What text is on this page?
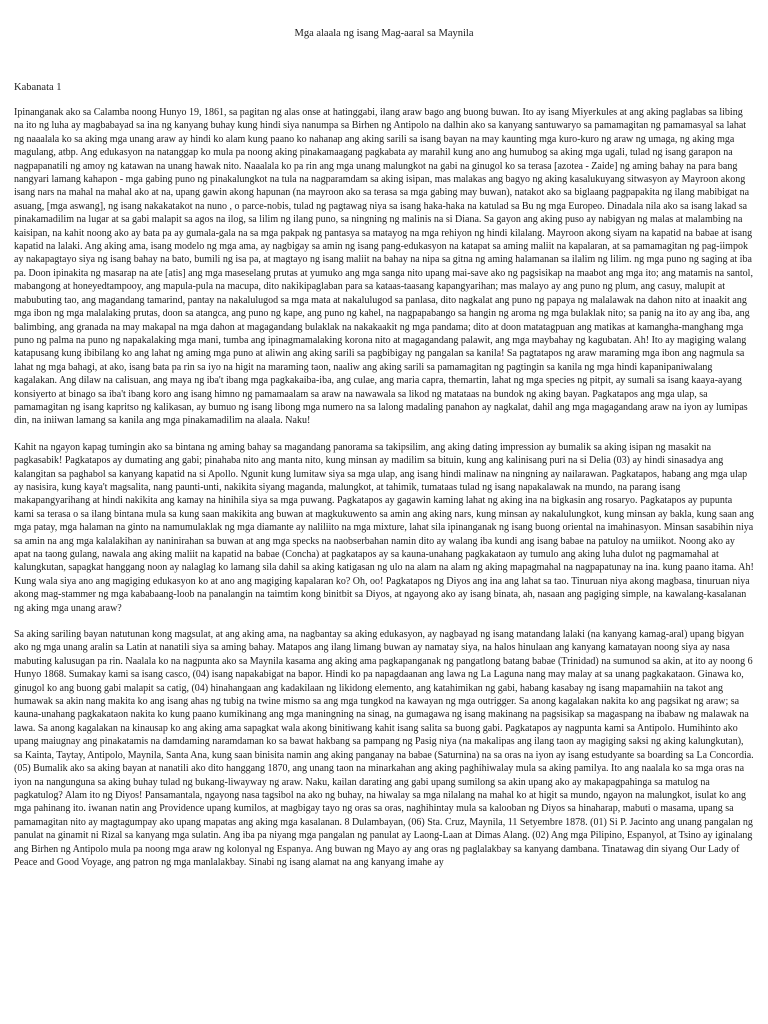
Mga alaala ng isang Mag-aaral sa Maynila
Kabanata 1

Ipinanganak ako sa Calamba noong Hunyo 19, 1861, sa pagitan ng alas onse at hatinggabi, ilang araw bago ang buong buwan. Ito ay isang Miyerkules at ang aking paglabas sa libing na ito ng luha ay magbabayad sa ina ng kanyang buhay kung hindi siya nanumpa sa Birhen ng Antipolo na dalhin ako sa kanyang santuwaryo sa pamamagitan ng pamamasyal sa lahat ng naaalala ko sa aking mga unang araw ay hindi ko alam kung paano ko nahanap ang aking sarili sa isang bayan na may kaunting mga kuro-kuro ng araw ng umaga, ng aking mga magulang, atbp. Ang edukasyon na natanggap ko mula pa noong aking pinakamaagang pagkabata ay marahil kung ano ang humubog sa aking mga ugali, tulad ng isang garapon na nagpapanatili ng amoy ng katawan na unang hawak nito. Naaalala ko pa rin ang mga unang malungkot na gabi na ginugol ko sa terasa [azotea - Zaide] ng aming bahay na para bang nangyari lamang kahapon - mga gabing puno ng pinakalungkot na tula na nagparamdam sa aking isipan, mas malakas ang bagyo ng aking kasalukuyang sitwasyon ay Mayroon akong isang nars na mahal na mahal ako at na, upang gawin akong hapunan (na mayroon ako sa terasa sa mga gabing may buwan), natakot ako sa biglaang pagpapakita ng ilang mabibigat na asuang, [mga aswang], ng isang nakakatakot na nuno , o parce-nobis, tulad ng pagtawag niya sa isang haka-haka na katulad sa Bu ng mga Europeo. Dinadala nila ako sa isang lakad sa pinakamadilim na lugar at sa gabi malapit sa agos na ilog, sa lilim ng ilang puno, sa ningning ng malinis na si Diana. Sa gayon ang aking puso ay nabigyan ng malas at malambing na kaisipan, na kahit noong ako ay bata pa ay gumala-gala na sa mga pakpak ng pantasya sa matayog na mga rehiyon ng hindi kilalang. Mayroon akong siyam na kapatid na babae at isang kapatid na lalaki. Ang aking ama, isang modelo ng mga ama, ay nagbigay sa amin ng isang pang-edukasyon na katapat sa aming maliit na kapalaran, at sa pamamagitan ng pag-iimpok ay nakapagtayo siya ng isang bahay na bato, bumili ng isa pa, at magtayo ng isang maliit na bahay na nipa sa gitna ng aming halamanan sa ilalim ng lilim. ng mga puno ng saging at iba pa. Doon ipinakita ng masarap na ate [atis] ang mga maseselang prutas at yumuko ang mga sanga nito upang mai-save ako ng pagsisikap na maabot ang mga ito; ang matamis na santol, mabangong at honeyedtampooy, ang mapula-pula na macupa, dito nakikipaglaban para sa kataas-taasang kapangyarihan; mas malayo ay ang puno ng plum, ang casuy, malupit at mabubuting tao, ang magandang tamarind, pantay na nakalulugod sa mga mata at nakalulugod sa panlasa, dito nagkalat ang puno ng papaya ng malalawak na dahon nito at inaakit ang mga ibon ng mga malalaking prutas, doon sa atangca, ang puno ng kape, ang puno ng kahel, na nagpapabango sa hangin ng aroma ng mga bulaklak nito; sa panig na ito ay ang iba, ang balimbing, ang granada na may makapal na mga dahon at magagandang bulaklak na nakakaakit ng mga pandama; dito at doon matatagpuan ang matikas at kamangha-manghang mga puno ng palma na puno ng napakalaking mga mani, tumba ang ipinagmamalaking korona nito at magagandang palawit, ang mga maybahay ng kagubatan. Ah! Ito ay magiging walang katapusang kung ibibilang ko ang lahat ng aming mga puno at aliwin ang aking sarili sa pagbibigay ng pangalan sa kanila! Sa pagtatapos ng araw maraming mga ibon ang nagmula sa lahat ng mga bahagi, at ako, isang bata pa rin sa iyo na higit na maraming taon, naaliw ang aking sarili sa pamamagitan ng pagtingin sa kanila ng mga hindi kapanipaniwalang kagalakan. Ang dilaw na calisuan, ang maya ng iba't ibang mga pagkakaiba-iba, ang culae, ang maria capra, themartin, lahat ng mga species ng pitpit, ay sumali sa isang kaaya-ayang konsiyerto at binago sa iba't ibang koro ang isang himno ng pamamaalam sa araw na nawawala sa likod ng matataas na bundok ng aking bayan. Pagkatapos ang mga ulap, sa pamamagitan ng isang kapritso ng kalikasan, ay bumuo ng isang libong mga numero na sa lalong madaling panahon ay nagkalat, dahil ang mga magagandang araw na iyon ay lumipas din, na iniiwan lamang sa kanila ang mga pinakamadilim na alaala. Naku!

Kahit na ngayon kapag tumingin ako sa bintana ng aming bahay sa magandang panorama sa takipsilim, ang aking dating impression ay bumalik sa aking isipan ng masakit na pagkasabik! Pagkatapos ay dumating ang gabi; pinahaba nito ang manta nito, kung minsan ay madilim sa bituin, kung ang kalinisang puri na si Delia (03) ay hindi sinasadya ang kalangitan sa paghabol sa kanyang kapatid na si Apollo. Ngunit kung lumitaw siya sa mga ulap, ang isang hindi malinaw na ningning ay nailarawan. Pagkatapos, habang ang mga ulap ay nasisira, kung kaya't magsalita, nang paunti-unti, nakikita siyang maganda, malungkot, at tahimik, tumataas tulad ng isang napakalawak na mundo, na parang isang makapangyarihang at hindi nakikita ang kamay na hinihila siya sa mga puwang. Pagkatapos ay gagawin kaming lahat ng aking ina na bigkasin ang rosaryo. Pagkatapos ay pupunta kami sa terasa o sa ilang bintana mula sa kung saan makikita ang buwan at magkukuwento sa amin ang aking nars, kung minsan ay nakalulungkot, kung minsan ay bakla, kung saan ang mga patay, mga halaman na ginto na namumulaklak ng mga diamante ay naliliito na mga mixture, lahat sila ipinanganak ng isang buong oriental na imahinasyon. Minsan sasabihin niya sa amin na ang mga kalalakihan ay naninirahan sa buwan at ang mga specks na naobserbahan namin dito ay walang iba kundi ang isang babae na patuloy na umiikot. Noong ako ay apat na taong gulang, nawala ang aking maliit na kapatid na babae (Concha) at pagkatapos ay sa kauna-unahang pagkakataon ay tumulo ang aking luha dulot ng pagmamahal at kalungkutan, sapagkat hanggang noon ay nalaglag ko lamang sila dahil sa aking katigasan ng ulo na alam na alam ng aking mapagmahal na nagpapatunay na ina. kung paano itama. Ah! Kung wala siya ano ang magiging edukasyon ko at ano ang magiging kapalaran ko? Oh, oo! Pagkatapos ng Diyos ang ina ang lahat sa tao. Tinuruan niya akong magbasa, tinuruan niya akong mag-stammer ng mga kababaang-loob na panalangin na taimtim kong binitbit sa Diyos, at ngayong ako ay isang binata, ah, nasaan ang pagiging simple, na kawalang-kasalanan ng aking mga unang araw?

Sa aking sariling bayan natutunan kong magsulat, at ang aking ama, na nagbantay sa aking edukasyon, ay nagbayad ng isang matandang lalaki (na kanyang kamag-aral) upang bigyan ako ng mga unang aralin sa Latin at nanatili siya sa aming bahay. Matapos ang ilang limang buwan ay namatay siya, na halos hinulaan ang kanyang kamatayan noong siya ay nasa mabuting kalusugan pa rin. Naalala ko na nagpunta ako sa Maynila kasama ang aking ama pagkapanganak ng pangatlong batang babae (Trinidad) na sumunod sa akin, at ito ay noong 6 Hunyo 1868. Sumakay kami sa isang casco, (04) isang napakabigat na bapor. Hindi ko pa napagdaanan ang lawa ng La Laguna nang may malay at sa unang pagkakataon. Ginawa ko, ginugol ko ang buong gabi malapit sa catig, (04) hinahangaan ang kadakilaan ng likidong elemento, ang katahimikan ng gabi, habang kasabay ng isang mapamahiin na takot ang humawak sa akin nang makita ko ang isang ahas ng tubig na twine mismo sa ang mga tungkod na kawayan ng mga outrigger. Sa anong kagalakan nakita ko ang pagsikat ng araw; sa kauna-unahang pagkakataon nakita ko kung paano kumikinang ang mga maningning na sinag, na gumagawa ng isang makinang na pagsisikap sa magaspang na ibabaw ng malawak na lawa. Sa anong kagalakan na kinausap ko ang aking ama sapagkat wala akong binitiwang kahit isang salita sa buong gabi. Pagkatapos ay nagpunta kami sa Antipolo. Humihinto ako upang maiugnay ang pinakatamis na damdaming naramdaman ko sa bawat hakbang sa pampang ng Pasig niya (na makalipas ang ilang taon ay magiging saksi ng aking kalungkutan), sa Kainta, Taytay, Antipolo, Maynila, Santa Ana, kung saan binisita namin ang aking panganay na babae (Saturnina) na sa oras na iyon ay isang estudyante sa boarding sa La Concordia. (05) Bumalik ako sa aking bayan at nanatili ako dito hanggang 1870, ang unang taon na minarkahan ang aking paghihiwalay mula sa aking pamilya. Ito ang naalala ko sa mga oras na iyon na nangunguna sa aking buhay tulad ng bukang-liwayway ng araw. Naku, kailan darating ang gabi upang sumilong sa akin upang ako ay makapagpahinga sa matulog na pagkatulog? Alam ito ng Diyos! Pansamantala, ngayong nasa tagsibol na ako ng buhay, na hiwalay sa mga nilalang na mahal ko at higit sa mundo, ngayon na malungkot, isulat ko ang mga pahinang ito. iwanan natin ang Providence upang kumilos, at magbigay tayo ng oras sa oras, naghihintay mula sa kalooban ng Diyos sa hinaharap, mabuti o masama, upang sa pamamagitan nito ay magtagumpay ako upang mapatas ang aking mga kasalanan. 8 Dulambayan, (06) Sta. Cruz, Maynila, 11 Setyembre 1878. (01) Si P. Jacinto ang unang pangalan ng panulat na ginamit ni Rizal sa kanyang mga sulatin. Ang iba pa niyang mga pangalan ng panulat ay Laong-Laan at Dimas Alang. (02) Ang mga Pilipino, Espanyol, at Tsino ay iginalang ang Birhen ng Antipolo mula pa noong mga araw ng kolonyal ng Espanya. Ang buwan ng Mayo ay ang oras ng paglalakbay sa kanyang dambana. Tinatawag din siyang Our Lady of Peace and Good Voyage, ang patron ng mga manlalakbay. Sinabi ng isang alamat na ang kanyang imahe ay
